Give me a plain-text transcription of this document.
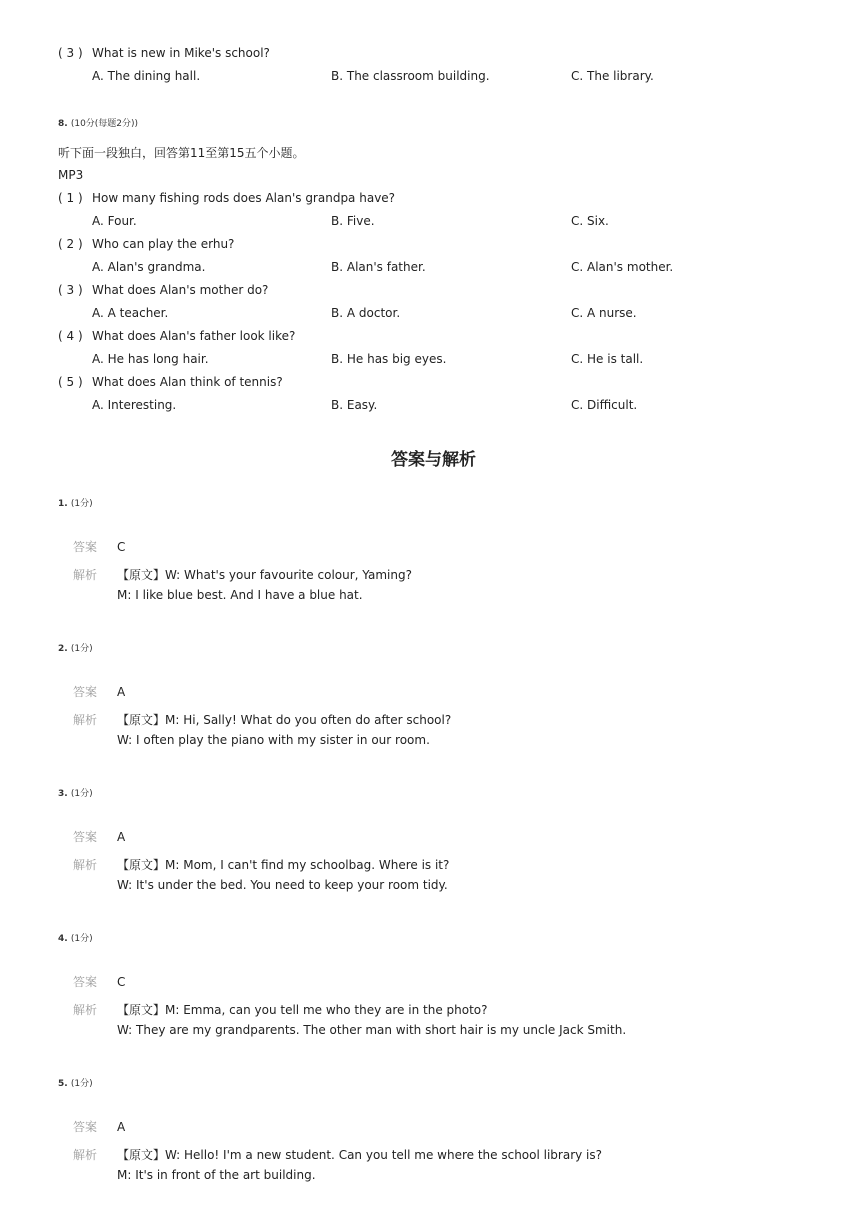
( 3 ) What is new in Mike's school?
A. The dining hall.	B. The classroom building.	C. The library.
8. (10分(每题2分))
听下面一段独白，回答第11至第15五个小题。
MP3
( 1 ) How many fishing rods does Alan's grandpa have?
A. Four.	B. Five.	C. Six.
( 2 ) Who can play the erhu?
A. Alan's grandma.	B. Alan's father.	C. Alan's mother.
( 3 ) What does Alan's mother do?
A. A teacher.	B. A doctor.	C. A nurse.
( 4 ) What does Alan's father look like?
A. He has long hair.	B. He has big eyes.	C. He is tall.
( 5 ) What does Alan think of tennis?
A. Interesting.	B. Easy.	C. Difficult.
答案与解析
1. (1分)
答案 C
解析 【原文】W: What's your favourite colour, Yaming?
M: I like blue best. And I have a blue hat.
2. (1分)
答案 A
解析 【原文】M: Hi, Sally! What do you often do after school?
W: I often play the piano with my sister in our room.
3. (1分)
答案 A
解析 【原文】M: Mom, I can't find my schoolbag. Where is it?
W: It's under the bed. You need to keep your room tidy.
4. (1分)
答案 C
解析 【原文】M: Emma, can you tell me who they are in the photo?
W: They are my grandparents. The other man with short hair is my uncle Jack Smith.
5. (1分)
答案 A
解析 【原文】W: Hello! I'm a new student. Can you tell me where the school library is?
M: It's in front of the art building.
